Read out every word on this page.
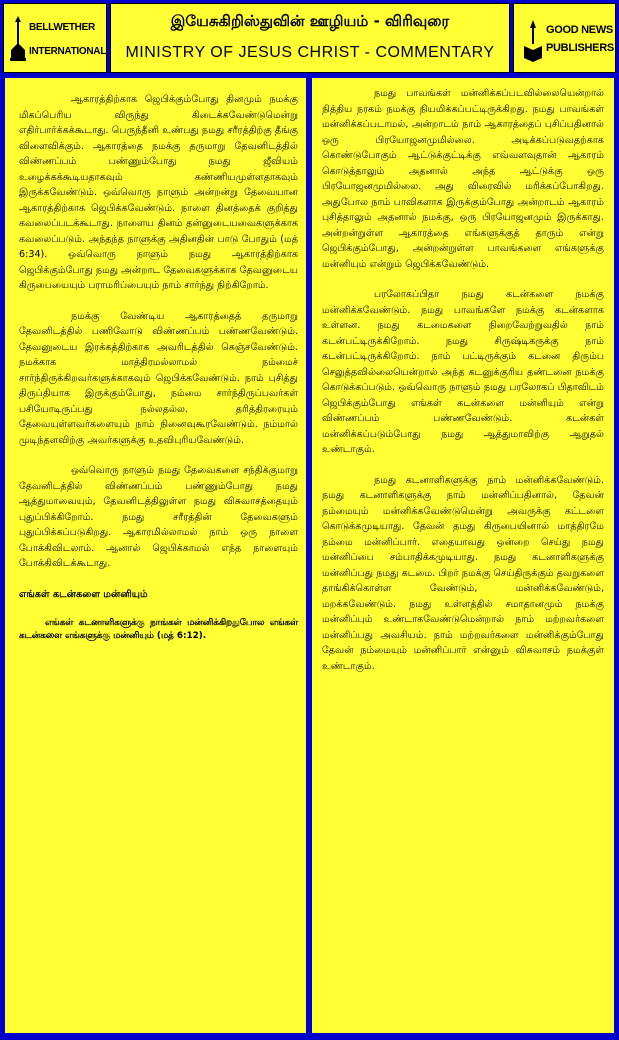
BELLWETHER
INTERNATIONAL
இயேசுகிறிஸ்துவின் ஊழியம் - விரிவுரை
MINISTRY OF JESUS CHRIST - COMMENTARY
GOOD NEWS
PUBLISHERS

ஆகாரத்திற்காக ஜெபிக்கும்போது தினமும் நமக்கு மிகப்பெரிய விருந்து கிடைக்கவேண்டுமென்று எதிர்பார்க்கக்கூடாது. பெருந்தீனி உண்பது நமது சரீரத்திற்கு தீங்கு விளைவிக்கும். ஆகாரத்தை நமக்கு தருமாறு தேவனிடத்தில் விண்ணப்பம் பண்ணும்போது நமது ஜீவியம் உழைக்கக்கூடியதாகவும் கண்ணியமுள்ளதாகவும் இருக்கவேண்டும். ஒவ்வொரு நாளும் அன்றன்று தேவையான ஆகாரத்திற்காக ஜெபிக்கவேண்டும். நாளை தினத்தைக் குறித்து கவலைப்படக்கூடாது. நாளைய தினம் தன்னுடையவைகளுக்காக கவலைப்படும். அந்தந்த நாளுக்கு அதினதின் பாடு போதும் (மத் 6:34). ஒவ்வொரு நாளும் நமது ஆகாரத்திற்காக ஜெபிக்கும்போது நமது அன்றாட தேவைகளுக்காக தேவனுடைய கிருபையையும் பராமரிப்பையும் நாம் சார்ந்து நிற்கிறோம்.

நமக்கு வேண்டிய ஆகாரத்தைத் தருமாறு தேவனிடத்தில் பணிவோடு விண்ணப்பம் பண்ணவேண்டும். தேவனுடைய இரக்கத்திற்காக அவரிடத்தில் கெஞ்சவேண்டும். நமக்காக மாத்திரமல்லாமல் நம்மைச் சார்ந்திருக்கிறவர்களுக்காகவும் ஜெபிக்கவேண்டும். நாம் புசித்து திருப்தியாக இருக்கும்போது, நம்மை சார்ந்திருப்பவர்கள் பசியோடிருப்பது நல்லதல்ல. தரித்திரரையும் தேவையுள்ளவர்களையும் நாம் நினைவுகூரவேண்டும். நம்மால் முடிந்தளவிற்கு அவர்களுக்கு உதவிபுரியவேண்டும்.

ஒவ்வொரு நாளும் நமது தேவைகளை சந்திக்குமாறு தேவனிடத்தில் விண்ணப்பம் பண்ணும்போது நமது ஆத்துமாவையும், தேவனிடத்திலுள்ள நமது விசுவாசத்தையும் புதுப்பிக்கிறோம். நமது சரீரத்தின் தேவைகளும் புதுப்பிக்கப்படுகிறது. ஆகாரமில்லாமல் நாம் ஒரு நாளை போக்கிவிடலாம். ஆனால் ஜெபிக்காமல் எந்த நாளையும் போக்கிவிடக்கூடாது.

எங்கள் கடன்களை மன்னியும்

எங்கள் கடனாளிகளுக்கு நாங்கள் மன்னிக்கிறதுபோல எங்கள் கடன்களை எங்களுக்கு மன்னியும் (மத் 6:12).

நமது பாவங்கள் மன்னிக்கப்படவில்லையென்றால் நித்திய நரகம் நமக்கு நியமிக்கப்பட்டிருக்கிறது. நமது பாவங்கள் மன்னிக்கப்படாமல், அன்றாடம் நாம் ஆகாரத்தைப் புசிப்பதினால் ஒரு பிரயோஜனமுமில்லை. அடிக்கப்படுவதற்காக கொண்டுபோகும் ஆட்டுக்குட்டிக்கு எவ்வளவுதான் ஆகாரம் கொடுத்தாலும் அதனால் அந்த ஆட்டுக்கு ஒரு பிரயோஜனமுமில்லை. அது விரைவில் மரிக்கப்போகிறது. அதுபோல நாம் பாவிகளாக இருக்கும்போது அன்றாடம் ஆகாரம் புசித்தாலும் அதனால் நமக்கு, ஒரு பிரயோஜனமும் இருக்காது. அன்றன்றுள்ள ஆகாரத்தை எங்களுக்குத் தாரும் என்று ஜெபிக்கும்போது, அன்றன்றுள்ள பாவங்களை எங்களுக்கு மன்னியும் என்றும் ஜெபிக்கவேண்டும்.

பரலோகப்பிதா நமது கடன்களை நமக்கு மன்னிக்கவேண்டும். நமது பாவங்களே நமக்கு கடன்களாக உள்ளன. நமது கடமைகளை நிறைவேற்றுவதில் நாம் கடன்பட்டிருக்கிறோம். நமது சிருஷ்டிகருக்கு நாம் கடன்பட்டிருக்கிறோம். நாம் பட்டிருக்கும் கடனை திரும்ப செலுத்தவில்லையென்றால் அந்த கடனுக்குரிய தண்டனை நமக்கு கொடுக்கப்படும். ஒவ்வொரு நாளும் நமது பரலோகப் பிதாவிடம் ஜெபிக்கும்போது எங்கள் கடன்களை மன்னியும் என்று விண்ணப்பம் பண்ணவேண்டும். கடன்கள் மன்னிக்கப்படும்போது நமது ஆத்துமாவிற்கு ஆறுதல் உண்டாகும்.

நமது கடனாளிகளுக்கு நாம் மன்னிக்கவேண்டும். நமது கடனாளிகளுக்கு நாம் மன்னிப்பதினால், தேவன் நம்மையும் மன்னிக்கவேண்டுமென்று அவருக்கு கட்டளை கொடுக்கமுடியாது. தேவன் தமது கிருபையினால் மாத்திரமே நம்மை மன்னிப்பார். எதையாவது ஒன்றை செய்து நமது மன்னிப்பை சம்பாதிக்கமுடியாது. நமது கடனாளிகளுக்கு மன்னிப்பது நமது கடமை. பிறர் நமக்கு செய்திருக்கும் தவறுகளை தாங்கிக்கொள்ள வேண்டும், மன்னிக்கவேண்டும், மறக்கவேண்டும். நமது உள்ளத்தில் சமாதானமும் நமக்கு மன்னிப்பும் உண்டாகவேண்டுமென்றால் நாம் மற்றவர்களை மன்னிப்பது அவசியம். நாம் மற்றவர்களை மன்னிக்கும்போது தேவன் நம்மையும் மன்னிப்பார் என்னும் விசுவாசம் நமக்குள் உண்டாகும்.
